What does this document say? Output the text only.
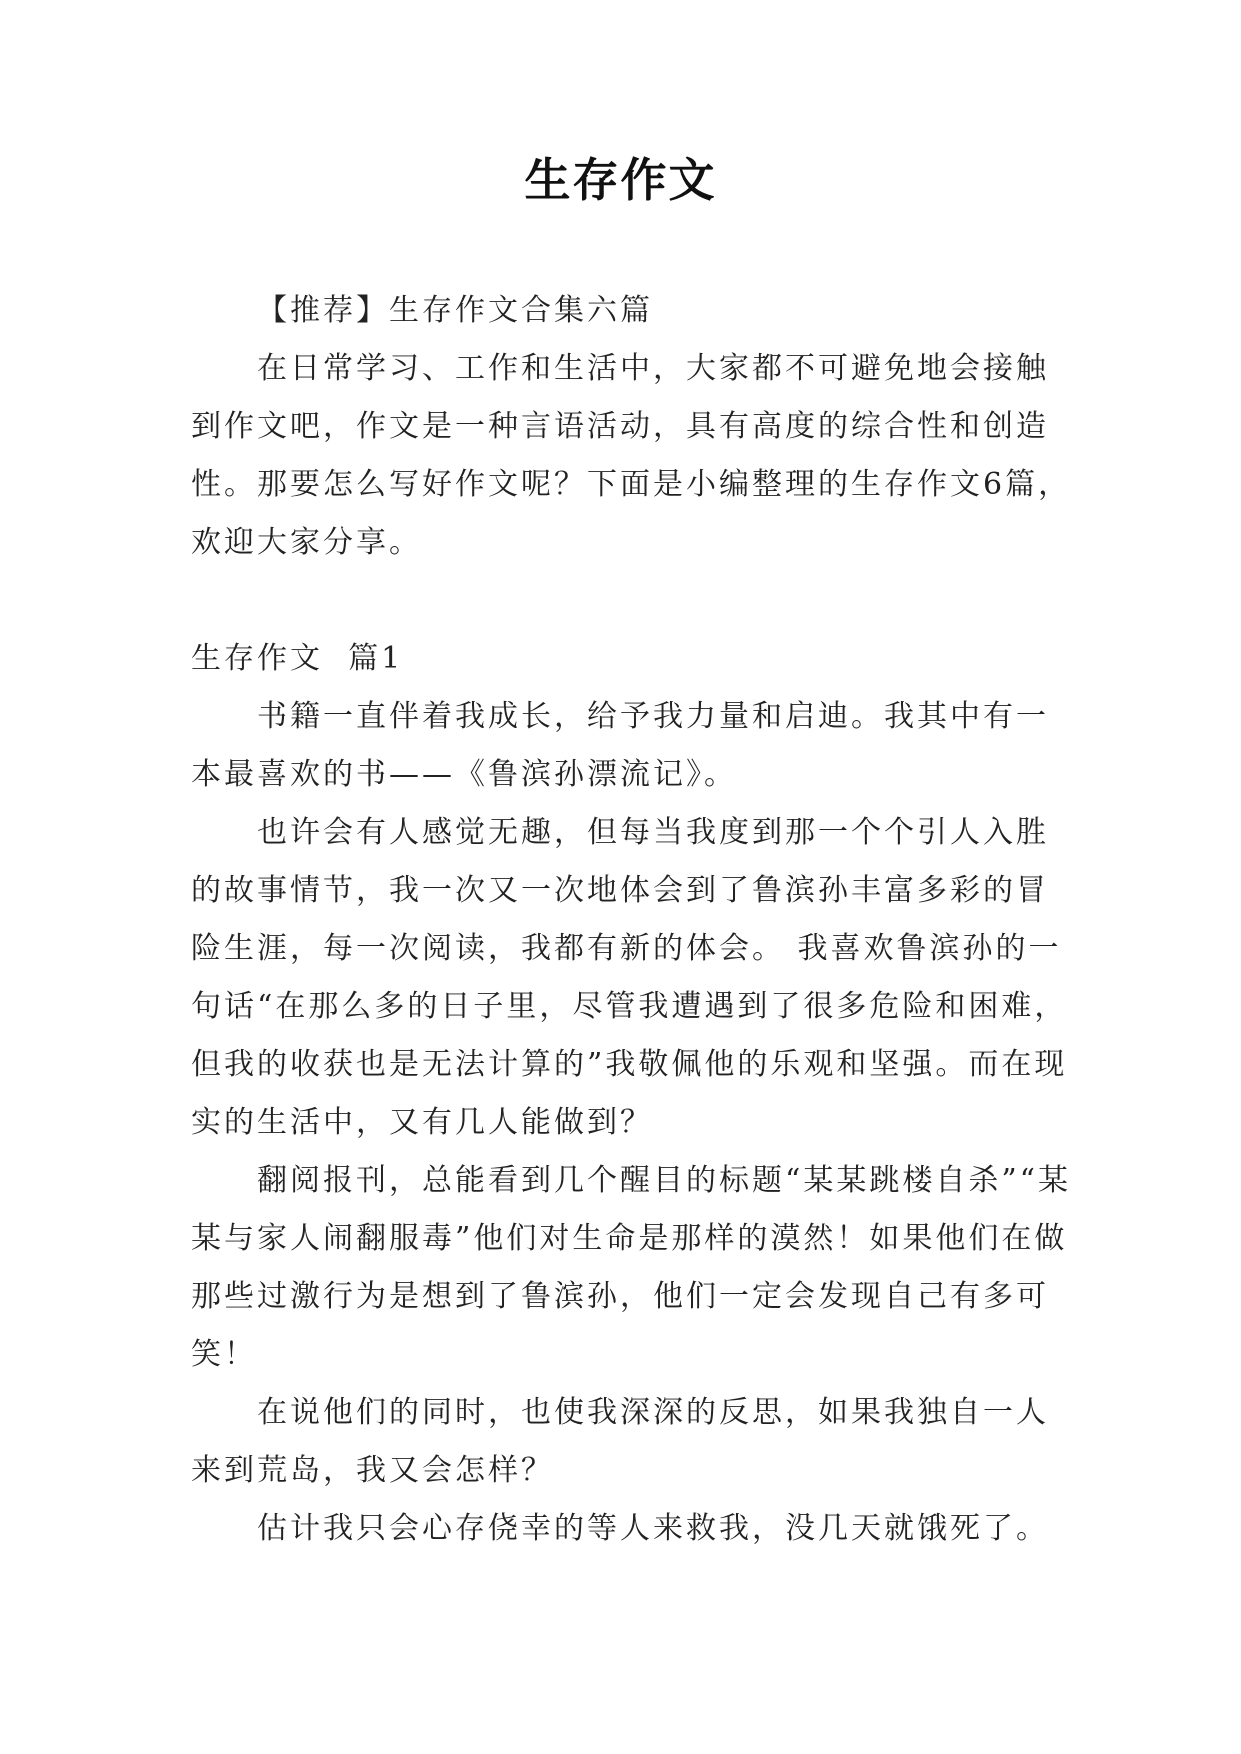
生存作文

【推荐】生存作文合集六篇

在日常学习、工作和生活中，大家都不可避免地会接触到作文吧，作文是一种言语活动，具有高度的综合性和创造性。那要怎么写好作文呢？下面是小编整理的生存作文6篇，欢迎大家分享。

生存作文  篇1

书籍一直伴着我成长，给予我力量和启迪。我其中有一本最喜欢的书——《鲁滨孙漂流记》。

也许会有人感觉无趣，但每当我度到那一个个引人入胜的故事情节，我一次又一次地体会到了鲁滨孙丰富多彩的冒险生涯，每一次阅读，我都有新的体会。 我喜欢鲁滨孙的一句话“在那么多的日子里，尽管我遭遇到了很多危险和困难，但我的收获也是无法计算的”我敬佩他的乐观和坚强。而在现实的生活中，又有几人能做到？

翻阅报刊，总能看到几个醒目的标题“某某跳楼自杀”“某某与家人闹翻服毒”他们对生命是那样的漠然！如果他们在做那些过激行为是想到了鲁滨孙，他们一定会发现自己有多可笑！

在说他们的同时，也使我深深的反思，如果我独自一人来到荒岛，我又会怎样？

估计我只会心存侥幸的等人来救我，没几天就饿死了。
